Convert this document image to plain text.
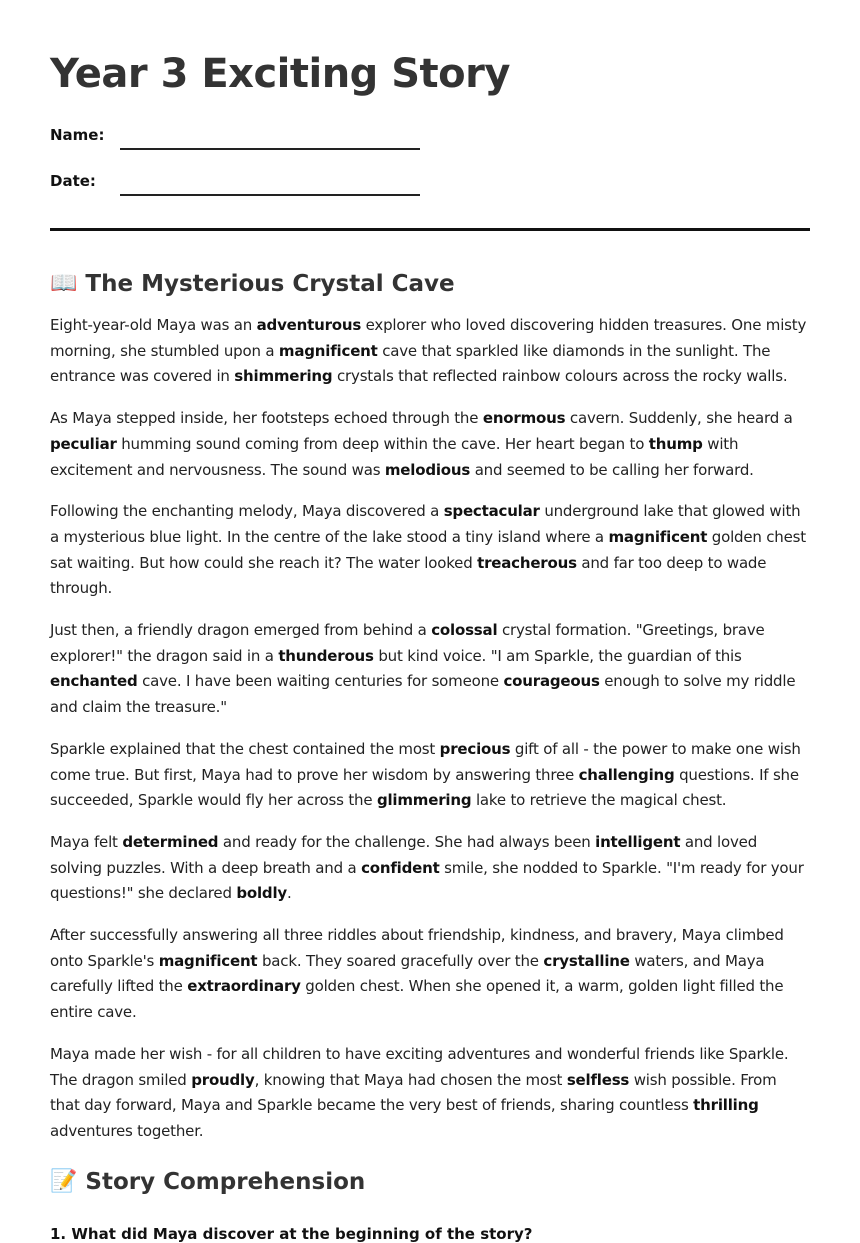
Year 3 Exciting Story
Name:
Date:
📖 The Mysterious Crystal Cave

Eight-year-old Maya was an adventurous explorer who loved discovering hidden treasures. One misty morning, she stumbled upon a magnificent cave that sparkled like diamonds in the sunlight. The entrance was covered in shimmering crystals that reflected rainbow colours across the rocky walls.

As Maya stepped inside, her footsteps echoed through the enormous cavern. Suddenly, she heard a peculiar humming sound coming from deep within the cave. Her heart began to thump with excitement and nervousness. The sound was melodious and seemed to be calling her forward.

Following the enchanting melody, Maya discovered a spectacular underground lake that glowed with a mysterious blue light. In the centre of the lake stood a tiny island where a magnificent golden chest sat waiting. But how could she reach it? The water looked treacherous and far too deep to wade through.

Just then, a friendly dragon emerged from behind a colossal crystal formation. "Greetings, brave explorer!" the dragon said in a thunderous but kind voice. "I am Sparkle, the guardian of this enchanted cave. I have been waiting centuries for someone courageous enough to solve my riddle and claim the treasure."

Sparkle explained that the chest contained the most precious gift of all - the power to make one wish come true. But first, Maya had to prove her wisdom by answering three challenging questions. If she succeeded, Sparkle would fly her across the glimmering lake to retrieve the magical chest.

Maya felt determined and ready for the challenge. She had always been intelligent and loved solving puzzles. With a deep breath and a confident smile, she nodded to Sparkle. "I'm ready for your questions!" she declared boldly.

After successfully answering all three riddles about friendship, kindness, and bravery, Maya climbed onto Sparkle's magnificent back. They soared gracefully over the crystalline waters, and Maya carefully lifted the extraordinary golden chest. When she opened it, a warm, golden light filled the entire cave.

Maya made her wish - for all children to have exciting adventures and wonderful friends like Sparkle. The dragon smiled proudly, knowing that Maya had chosen the most selfless wish possible. From that day forward, Maya and Sparkle became the very best of friends, sharing countless thrilling adventures together.

📝 Story Comprehension
1. What did Maya discover at the beginning of the story?
